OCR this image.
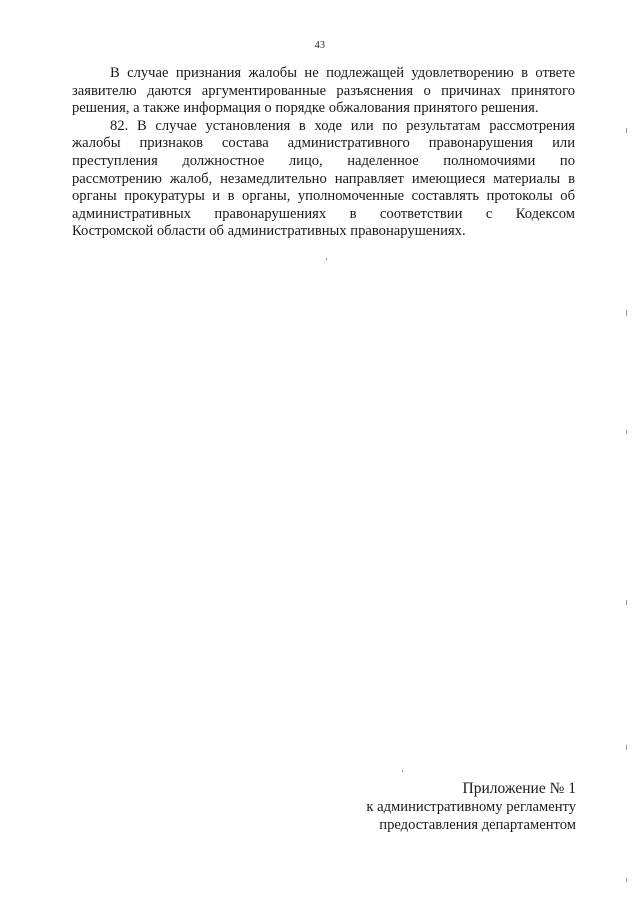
43

В случае признания жалобы не подлежащей удовлетворению в ответе
заявителю даются аргументированные разъяснения о причинах принятого
решения, а также информация о порядке обжалования принятого решения.

82. В случае установления в ходе или по результатам рассмотрения
жалобы признаков состава административного правонарушения или
преступления должностное лицо, наделенное полномочиями по
рассмотрению жалоб, незамедлительно направляет имеющиеся материалы в
органы прокуратуры и в органы, уполномоченные составлять протоколы об
административных правонарушениях в соответствии с Кодексом
Костромской области об административных правонарушениях.

Приложение № 1
к административному регламенту
предоставления департаментом
